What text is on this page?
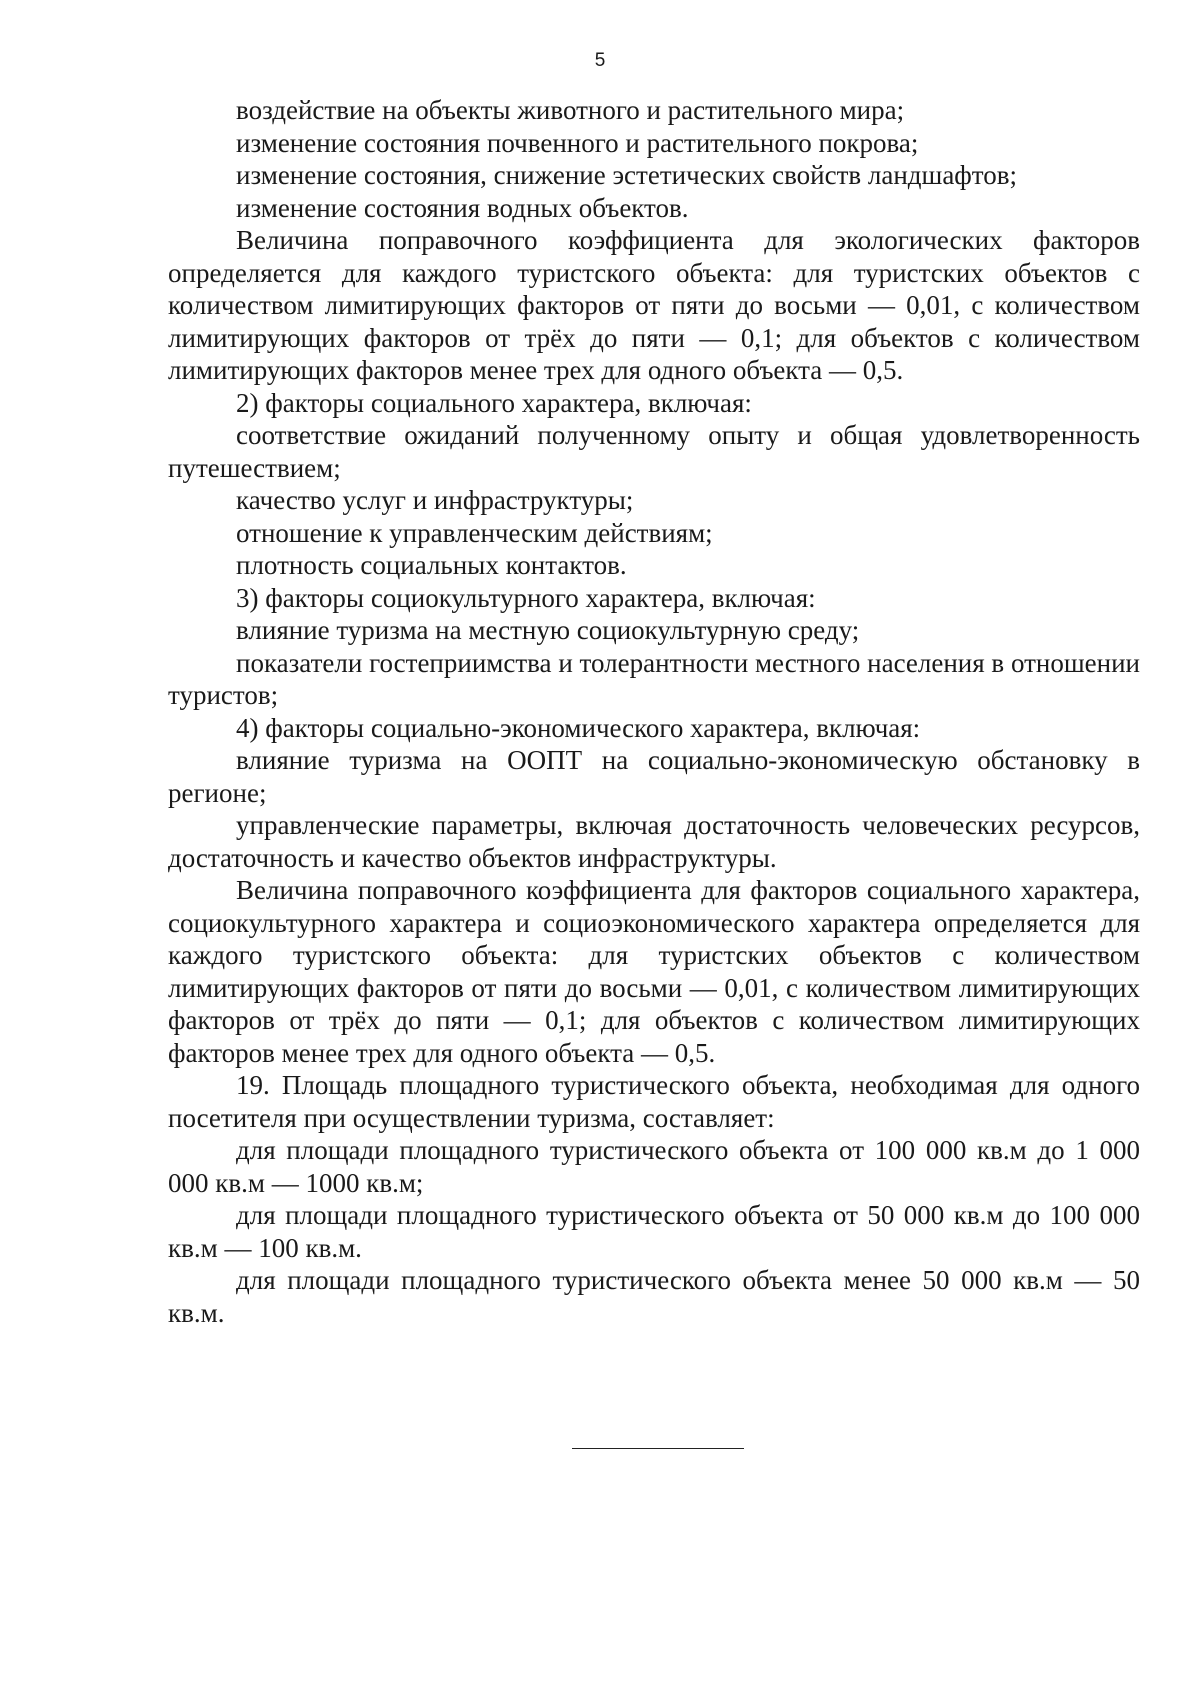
5

воздействие на объекты животного и растительного мира;

изменение состояния почвенного и растительного покрова;

изменение состояния, снижение эстетических свойств ландшафтов;

изменение состояния водных объектов.

Величина поправочного коэффициента для экологических факторов определяется для каждого туристского объекта: для туристских объектов с количеством лимитирующих факторов от пяти до восьми — 0,01, с количеством лимитирующих факторов от трёх до пяти — 0,1; для объектов с количеством лимитирующих факторов менее трех для одного объекта — 0,5.

2) факторы социального характера, включая:

соответствие ожиданий полученному опыту и общая удовлетворенность путешествием;

качество услуг и инфраструктуры;

отношение к управленческим действиям;

плотность социальных контактов.

3) факторы социокультурного характера, включая:

влияние туризма на местную социокультурную среду;

показатели гостеприимства и толерантности местного населения в отношении туристов;

4) факторы социально-экономического характера, включая:

влияние туризма на ООПТ на социально-экономическую обстановку в регионе;

управленческие параметры, включая достаточность человеческих ресурсов, достаточность и качество объектов инфраструктуры.

Величина поправочного коэффициента для факторов социального характера, социокультурного характера и социоэкономического характера определяется для каждого туристского объекта: для туристских объектов с количеством лимитирующих факторов от пяти до восьми — 0,01, с количеством лимитирующих факторов от трёх до пяти — 0,1; для объектов с количеством лимитирующих факторов менее трех для одного объекта — 0,5.

19. Площадь площадного туристического объекта, необходимая для одного посетителя при осуществлении туризма, составляет:

для площади площадного туристического объекта от 100 000 кв.м до 1 000 000 кв.м — 1000 кв.м;

для площади площадного туристического объекта от 50 000 кв.м до 100 000 кв.м — 100 кв.м.

для площади площадного туристического объекта менее 50 000 кв.м — 50 кв.м.
